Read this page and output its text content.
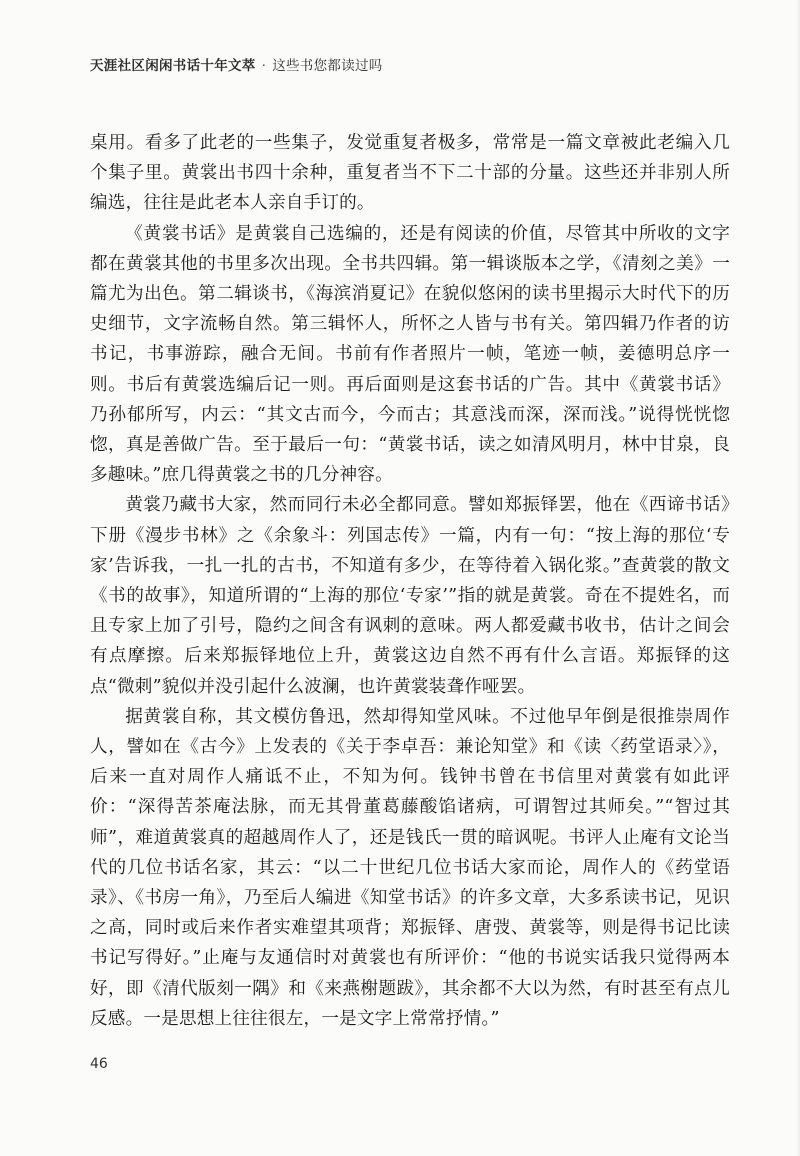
天涯社区闲闲书话十年文萃 · 这些书您都读过吗

桌用。看多了此老的一些集子，发觉重复者极多，常常是一篇文章被此老编入几个集子里。黄裳出书四十余种，重复者当不下二十部的分量。这些还并非别人所编选，往往是此老本人亲自手订的。

《黄裳书话》是黄裳自己选编的，还是有阅读的价值，尽管其中所收的文字都在黄裳其他的书里多次出现。全书共四辑。第一辑谈版本之学，《清刻之美》一篇尤为出色。第二辑谈书，《海滨消夏记》在貌似悠闲的读书里揭示大时代下的历史细节，文字流畅自然。第三辑怀人，所怀之人皆与书有关。第四辑乃作者的访书记，书事游踪，融合无间。书前有作者照片一帧，笔迹一帧，姜德明总序一则。书后有黄裳选编后记一则。再后面则是这套书话的广告。其中《黄裳书话》乃孙郁所写，内云：“其文古而今，今而古；其意浅而深，深而浅。”说得恍恍惚惚，真是善做广告。至于最后一句：“黄裳书话，读之如清风明月，林中甘泉，良多趣味。”庶几得黄裳之书的几分神容。

黄裳乃藏书大家，然而同行未必全都同意。譬如郑振铎罢，他在《西谛书话》下册《漫步书林》之《余象斗：列国志传》一篇，内有一句：“按上海的那位‘专家’告诉我，一扎一扎的古书，不知道有多少，在等待着入锅化浆。”查黄裳的散文《书的故事》，知道所谓的“上海的那位‘专家’”指的就是黄裳。奇在不提姓名，而且专家上加了引号，隐约之间含有讽刺的意味。两人都爱藏书收书，估计之间会有点摩擦。后来郑振铎地位上升，黄裳这边自然不再有什么言语。郑振铎的这点“微刺”貌似并没引起什么波澜，也许黄裳装聋作哑罢。

据黄裳自称，其文模仿鲁迅，然却得知堂风味。不过他早年倒是很推崇周作人，譬如在《古今》上发表的《关于李卓吾：兼论知堂》和《读〈药堂语录〉》，后来一直对周作人痛诋不止，不知为何。钱钟书曾在书信里对黄裳有如此评价：“深得苦茶庵法脉，而无其骨董葛藤酸馅诸病，可谓智过其师矣。”“智过其师”，难道黄裳真的超越周作人了，还是钱氏一贯的暗讽呢。书评人止庵有文论当代的几位书话名家，其云：“以二十世纪几位书话大家而论，周作人的《药堂语录》、《书房一角》，乃至后人编进《知堂书话》的许多文章，大多系读书记，见识之高，同时或后来作者实难望其项背；郑振铎、唐弢、黄裳等，则是得书记比读书记写得好。”止庵与友通信时对黄裳也有所评价：“他的书说实话我只觉得两本好，即《清代版刻一隅》和《来燕榭题跋》，其余都不大以为然，有时甚至有点儿反感。一是思想上往往很左，一是文字上常常抒情。”

46
